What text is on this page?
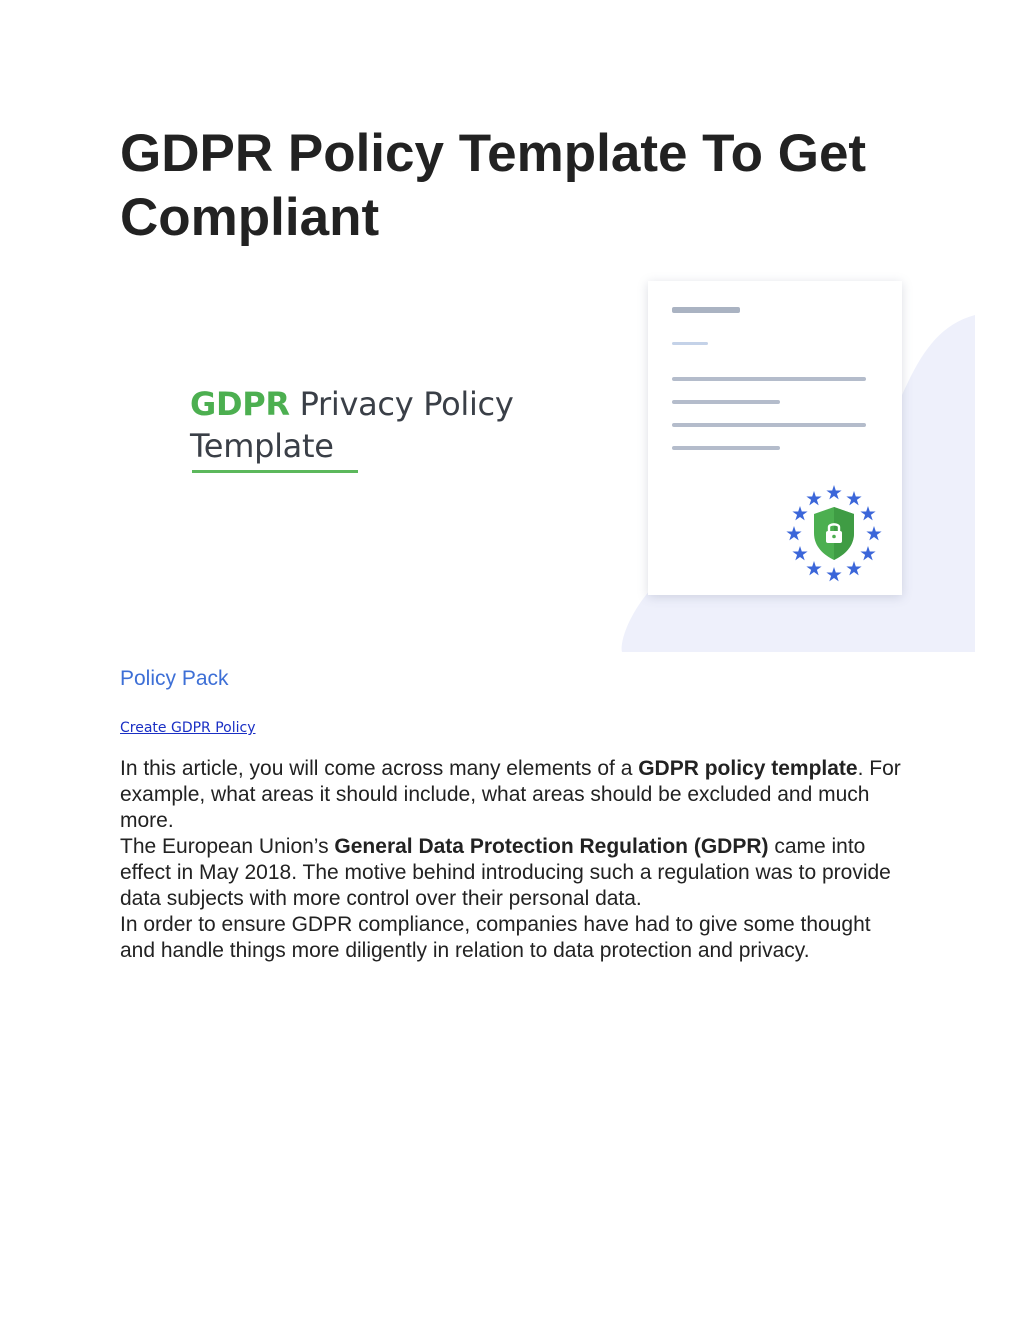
GDPR Policy Template To Get Compliant
GDPR Privacy Policy
Template
Policy Pack
Create GDPR Policy

In this article, you will come across many elements of a GDPR policy template. For example, what areas it should include, what areas should be excluded and much more.

The European Union’s General Data Protection Regulation (GDPR) came into effect in May 2018. The motive behind introducing such a regulation was to provide data subjects with more control over their personal data.

In order to ensure GDPR compliance, companies have had to give some thought and handle things more diligently in relation to data protection and privacy.
